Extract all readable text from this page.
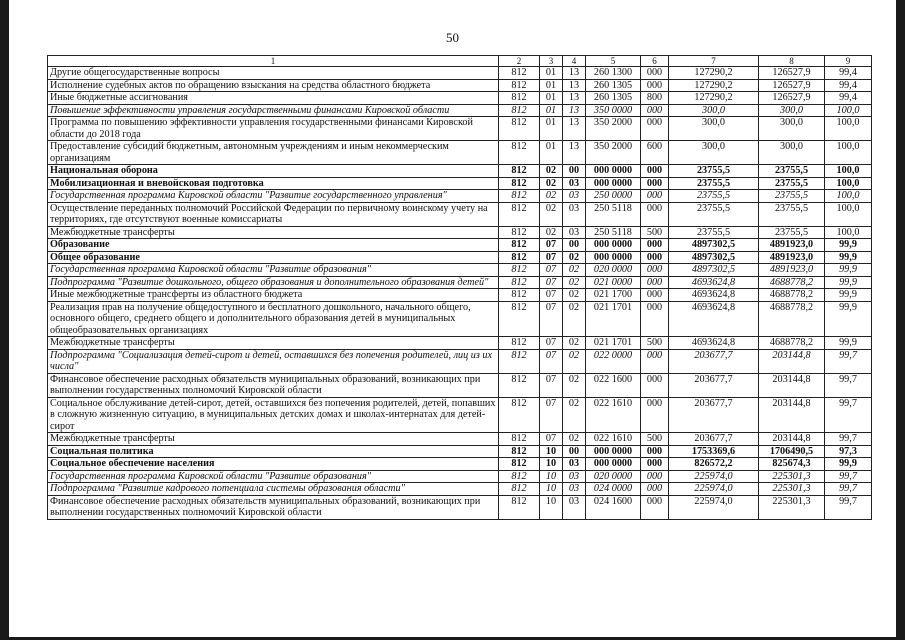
50
1	2	3	4	5	6	7	8	9
Другие общегосударственные вопросы	812	01	13	260 1300	000	127290,2	126527,9	99,4
Исполнение судебных актов по обращению взыскания на средства областного бюджета	812	01	13	260 1305	000	127290,2	126527,9	99,4
Иные бюджетные ассигнования	812	01	13	260 1305	800	127290,2	126527,9	99,4
Повышение эффективности управления государственными финансами Кировской области	812	01	13	350 0000	000	300,0	300,0	100,0
Программа по повышению эффективности управления государственными финансами Кировской области до 2018 года	812	01	13	350 2000	000	300,0	300,0	100,0
Предоставление субсидий бюджетным, автономным учреждениям и иным некоммерческим организациям	812	01	13	350 2000	600	300,0	300,0	100,0
Национальная оборона	812	02	00	000 0000	000	23755,5	23755,5	100,0
Мобилизационная и вневойсковая подготовка	812	02	03	000 0000	000	23755,5	23755,5	100,0
Государственная программа Кировской области "Развитие государственного управления"	812	02	03	250 0000	000	23755,5	23755,5	100,0
Осуществление переданных полномочий Российской Федерации по первичному воинскому учету на территориях, где отсутствуют военные комиссариаты	812	02	03	250 5118	000	23755,5	23755,5	100,0
Межбюджетные трансферты	812	02	03	250 5118	500	23755,5	23755,5	100,0
Образование	812	07	00	000 0000	000	4897302,5	4891923,0	99,9
Общее образование	812	07	02	000 0000	000	4897302,5	4891923,0	99,9
Государственная программа Кировской области "Развитие образования"	812	07	02	020 0000	000	4897302,5	4891923,0	99,9
Подпрограмма "Развитие дошкольного, общего образования и дополнительного образования детей"	812	07	02	021 0000	000	4693624,8	4688778,2	99,9
Иные межбюджетные трансферты из областного бюджета	812	07	02	021 1700	000	4693624,8	4688778,2	99,9
Реализация прав на получение общедоступного и бесплатного дошкольного, начального общего, основного общего, среднего общего и дополнительного образования детей в муниципальных общеобразовательных организациях	812	07	02	021 1701	000	4693624,8	4688778,2	99,9
Межбюджетные трансферты	812	07	02	021 1701	500	4693624,8	4688778,2	99,9
Подпрограмма "Социализация детей-сирот и детей, оставшихся без попечения родителей, лиц из их числа"	812	07	02	022 0000	000	203677,7	203144,8	99,7
Финансовое обеспечение расходных обязательств муниципальных образований, возникающих при выполнении государственных полномочий Кировской области	812	07	02	022 1600	000	203677,7	203144,8	99,7
Социальное обслуживание детей-сирот, детей, оставшихся без попечения родителей, детей, попавших в сложную жизненную ситуацию, в муниципальных детских домах и школах-интернатах для детей-сирот	812	07	02	022 1610	000	203677,7	203144,8	99,7
Межбюджетные трансферты	812	07	02	022 1610	500	203677,7	203144,8	99,7
Социальная политика	812	10	00	000 0000	000	1753369,6	1706490,5	97,3
Социальное обеспечение населения	812	10	03	000 0000	000	826572,2	825674,3	99,9
Государственная программа Кировской области "Развитие образования"	812	10	03	020 0000	000	225974,0	225301,3	99,7
Подпрограмма "Развитие кадрового потенциала системы образования области"	812	10	03	024 0000	000	225974,0	225301,3	99,7
Финансовое обеспечение расходных обязательств муниципальных образований, возникающих при выполнении государственных полномочий Кировской области	812	10	03	024 1600	000	225974,0	225301,3	99,7
